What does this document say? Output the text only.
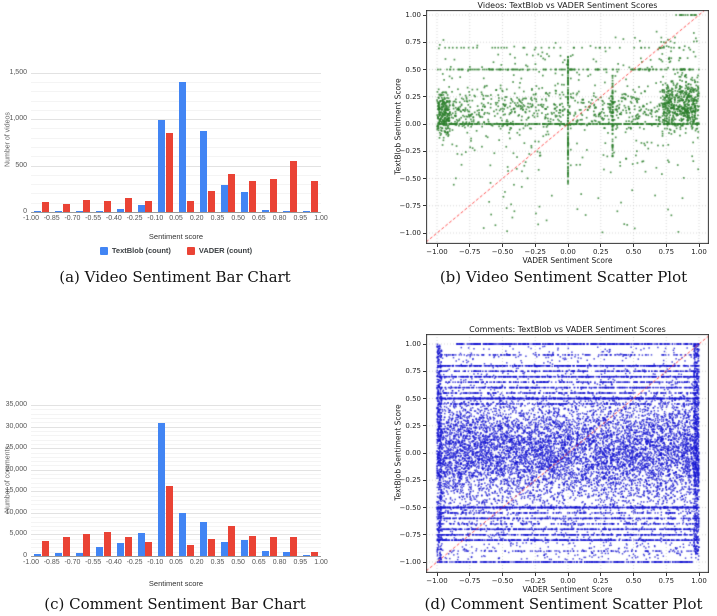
Number of videos
0
500
1,000
1,500
-1.00 -0.85 -0.70 -0.55 -0.40 -0.25 -0.10 0.05	0.20	0.35	0.50	0.65	0.80	0.95	1.00
Sentiment score
TextBlob (count)	VADER (count)
(a) Video Sentiment Bar Chart
Videos: TextBlob vs VADER Sentiment Scores
TextBlob Sentiment Score
VADER Sentiment Score
(b) Video Sentiment Scatter Plot
−1.00	−0.75	−0.50	−0.25	0.00	0.25	0.50	0.75	1.00
1.00
0.75
0.50
0.25
0.00
−0.25
−0.50
−0.75
−1.00
Number of comments
0
5,000
10,000
15,000
20,000
25,000
30,000
35,000
-1.00 -0.85 -0.70 -0.55 -0.40 -0.25 -0.10 0.05	0.20	0.35	0.50	0.65	0.80	0.95	1.00
Sentiment score
(c) Comment Sentiment Bar Chart
Comments: TextBlob vs VADER Sentiment Scores
TextBlob Sentiment Score
VADER Sentiment Score
(d) Comment Sentiment Scatter Plot
−1.00	−0.75	−0.50	−0.25	0.00	0.25	0.50	0.75	1.00
1.00
0.75
0.50
0.25
0.00
−0.25
−0.50
−0.75
−1.00
